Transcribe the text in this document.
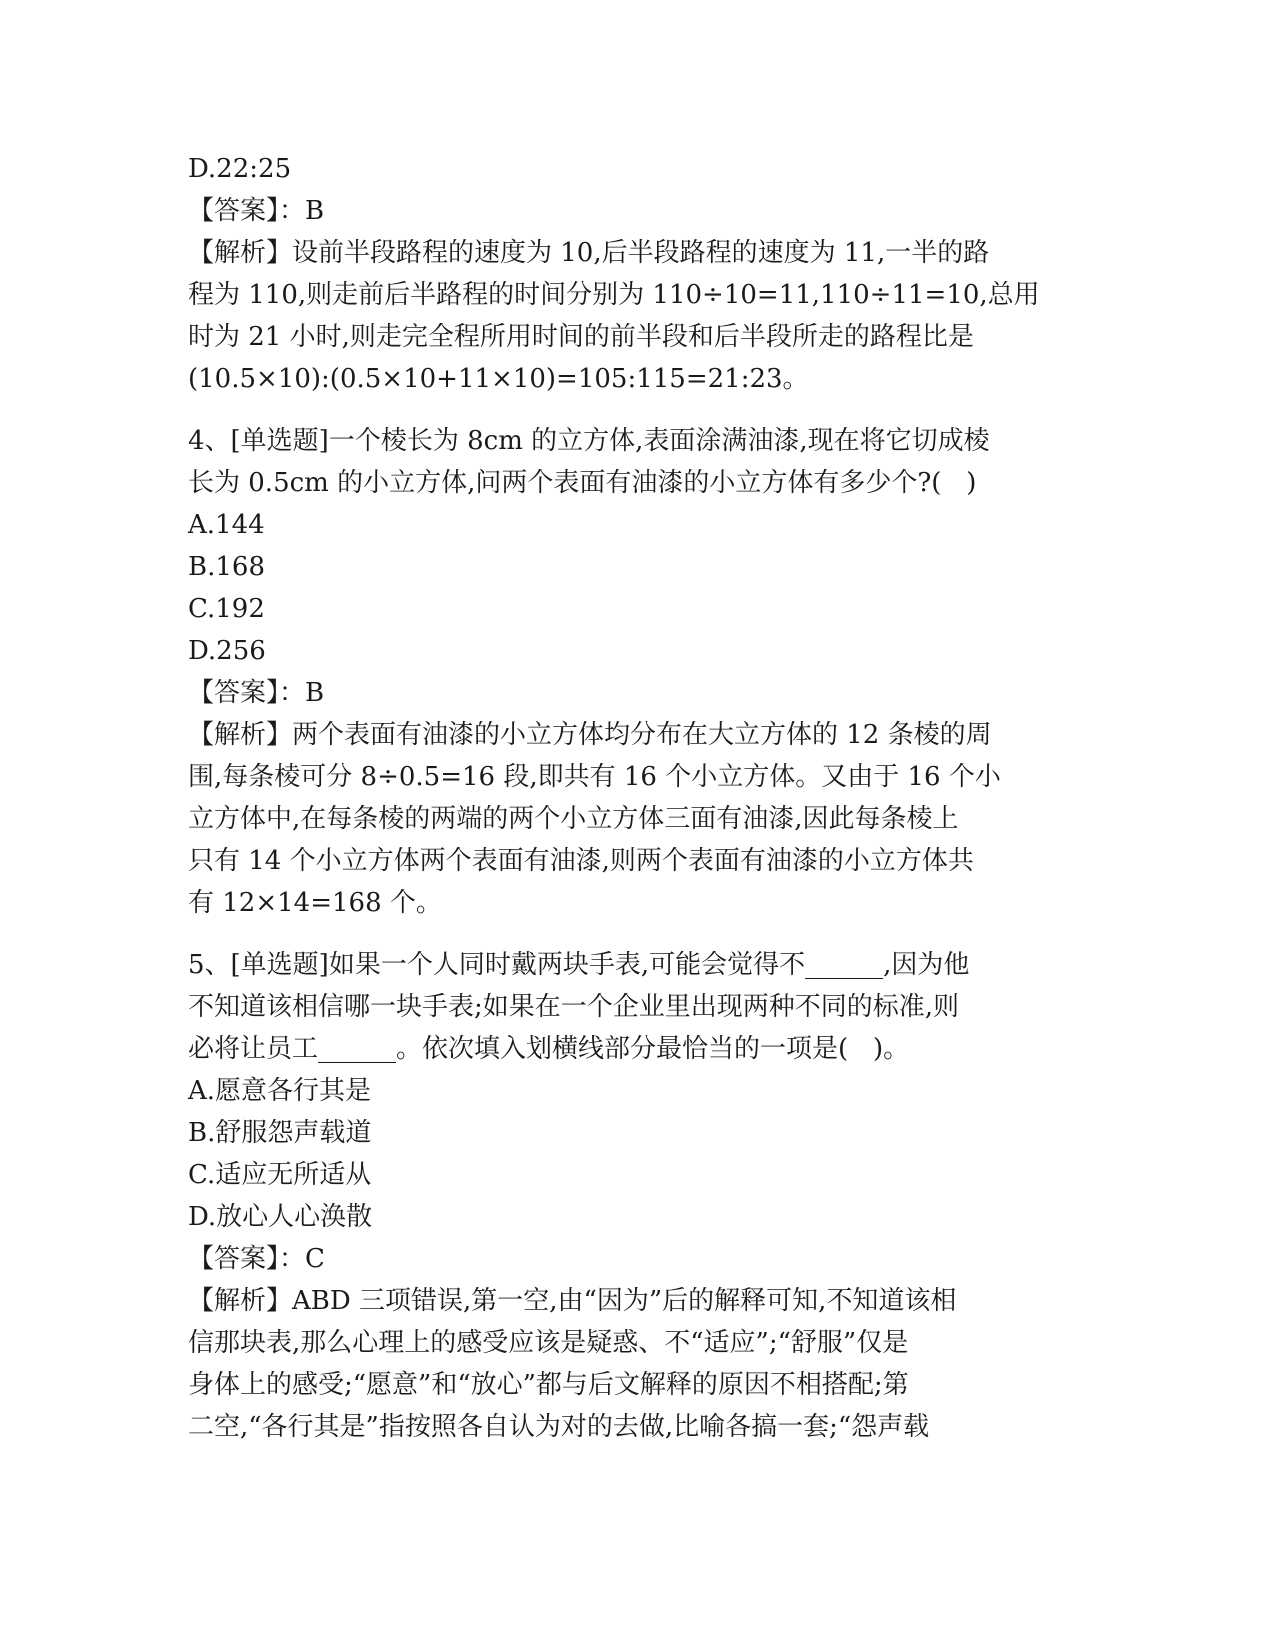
D.22:25
【答案】：B
【解析】设前半段路程的速度为 10,后半段路程的速度为 11,一半的路
程为 110,则走前后半路程的时间分别为 110÷10=11,110÷11=10,总用
时为 21 小时,则走完全程所用时间的前半段和后半段所走的路程比是
(10.5×10):(0.5×10+11×10)=105:115=21:23。
4、[单选题]一个棱长为 8cm 的立方体,表面涂满油漆,现在将它切成棱
长为 0.5cm 的小立方体,问两个表面有油漆的小立方体有多少个?(   )
A.144
B.168
C.192
D.256
【答案】：B
【解析】两个表面有油漆的小立方体均分布在大立方体的 12 条棱的周
围,每条棱可分 8÷0.5=16 段,即共有 16 个小立方体。又由于 16 个小
立方体中,在每条棱的两端的两个小立方体三面有油漆,因此每条棱上
只有 14 个小立方体两个表面有油漆,则两个表面有油漆的小立方体共
有 12×14=168 个。
5、[单选题]如果一个人同时戴两块手表,可能会觉得不______,因为他
不知道该相信哪一块手表;如果在一个企业里出现两种不同的标准,则
必将让员工______。依次填入划横线部分最恰当的一项是(   )。
A.愿意各行其是
B.舒服怨声载道
C.适应无所适从
D.放心人心涣散
【答案】：C
【解析】ABD 三项错误,第一空,由“因为”后的解释可知,不知道该相
信那块表,那么心理上的感受应该是疑惑、不“适应”;“舒服”仅是
身体上的感受;“愿意”和“放心”都与后文解释的原因不相搭配;第
二空,“各行其是”指按照各自认为对的去做,比喻各搞一套;“怨声载
